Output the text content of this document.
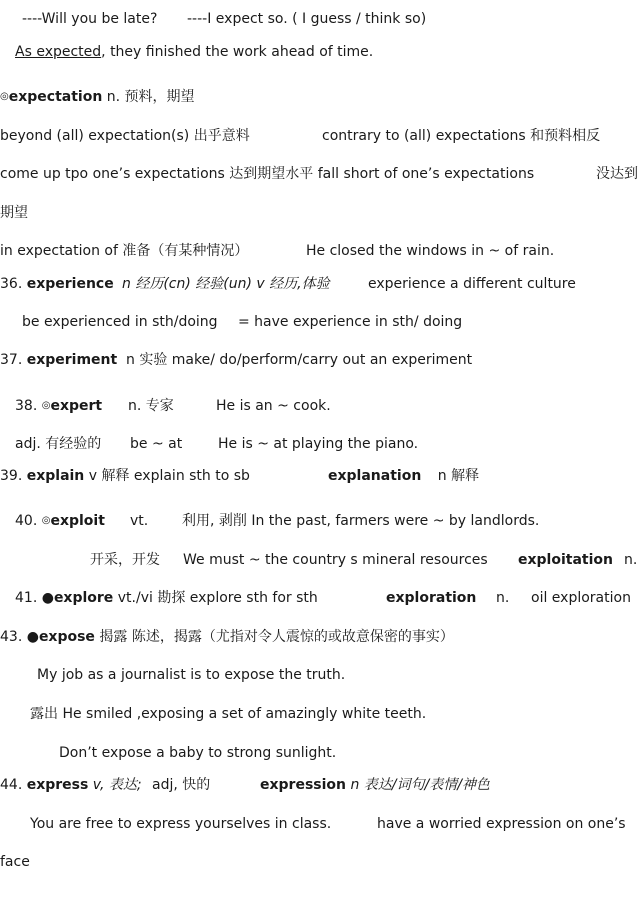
----Will you be late? ----I expect so. ( I guess / think so)
As expected, they finished the work ahead of time.
◎expectation n. 预料，期望
beyond (all) expectation(s) 出乎意料	contrary to (all) expectations 和预料相反
come up tpo one’s expectations 达到期望水平 fall short of one’s expectations	没达到
期望
in expectation of 准备（有某种情况）	He closed the windows in ~ of rain.
36. experience n 经历(cn) 经验(un) v 经历,体验	experience a different culture
be experienced in sth/doing = have experience in sth/ doing
37. experiment n 实验 make/ do/perform/carry out an experiment
38. ◎expert n. 专家	He is an ~ cook.
adj. 有经验的 be ~ at	He is ~ at playing the piano.
39. explain v 解释 explain sth to sb	explanation n 解释
40. ◎exploit vt. 利用, 剥削 In the past, farmers were ~ by landlords.
开采，开发 We must ~ the country s mineral resources exploitation n.
41. ●explore vt./vi 勘探 explore sth for sth	exploration n. oil exploration
43. ●expose 揭露 陈述，揭露（尤指对令人震惊的或故意保密的事实）
My job as a journalist is to expose the truth.
露出 He smiled ,exposing a set of amazingly white teeth.
Don’t expose a baby to strong sunlight.
44. express v, 表达; adj, 快的	expression n 表达/词句/表情/神色
You are free to express yourselves in class.	have a worried expression on one’s
face
